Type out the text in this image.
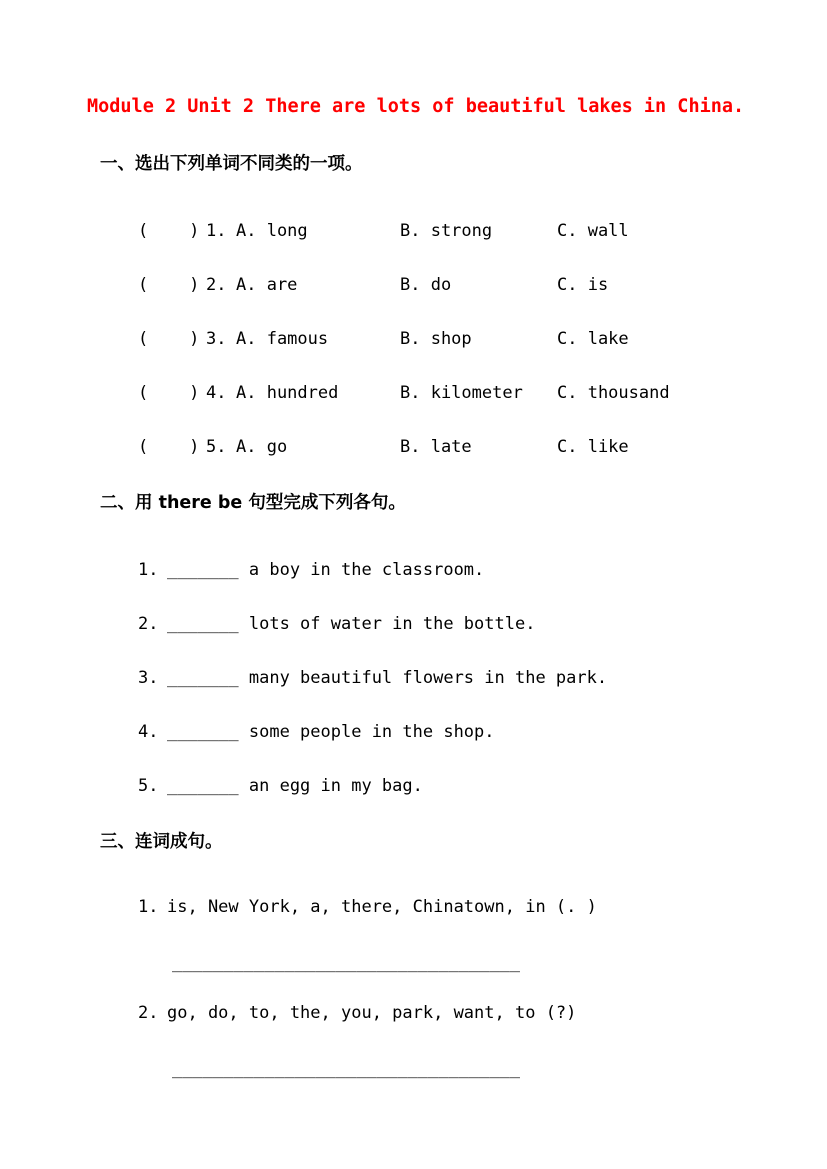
Module 2 Unit 2 There are lots of beautiful lakes in China.
一、选出下列单词不同类的一项。
(    ) 1. A. long	B. strong	C. wall
(    ) 2. A. are	B. do	C. is
(    ) 3. A. famous	B. shop	C. lake
(    ) 4. A. hundred	B. kilometer	C. thousand
(    ) 5. A. go	B. late	C. like
二、用 there be 句型完成下列各句。
1. _______ a boy in the classroom.
2. _______ lots of water in the bottle.
3. _______ many beautiful flowers in the park.
4. _______ some people in the shop.
5. _______ an egg in my bag.
三、连词成句。
1. is, New York, a, there, Chinatown, in (. )
__________________________________
2. go, do, to, the, you, park, want, to (?)
__________________________________
